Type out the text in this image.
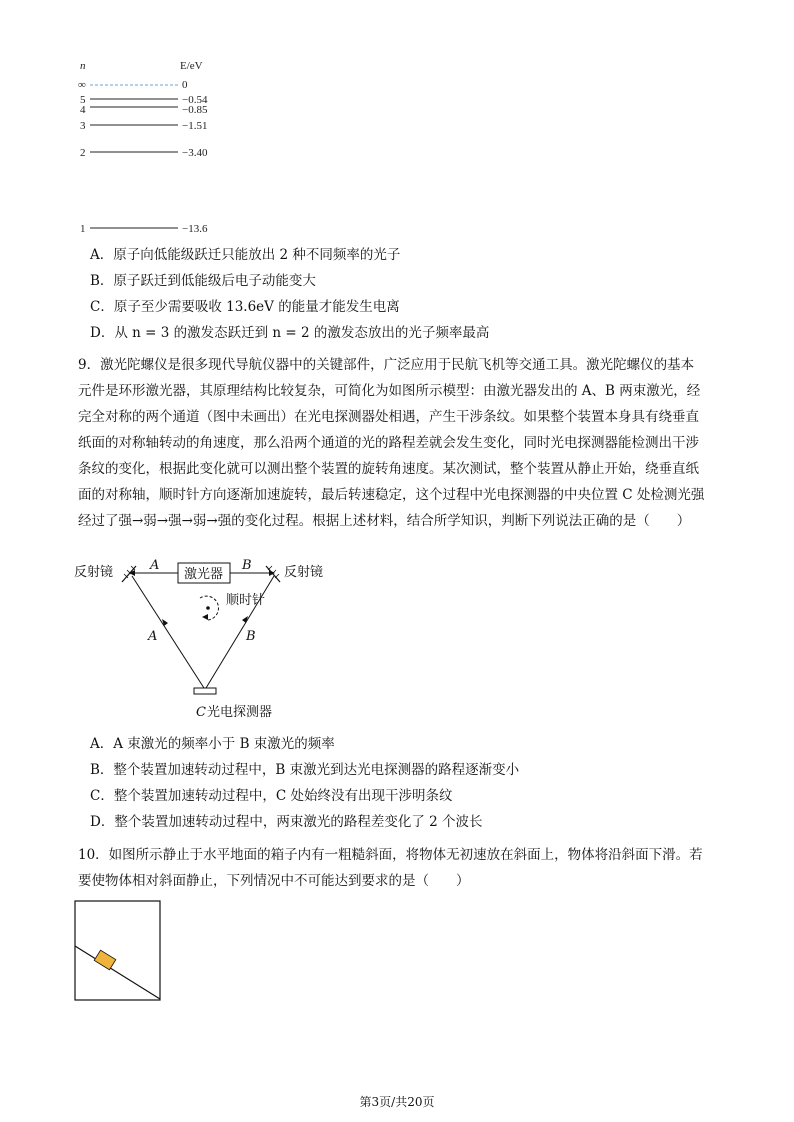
n	E/eV
∞	0
5	−0.54
4	−0.85
3	−1.51
2	−3.40
1	−13.6
A．原子向低能级跃迁只能放出 2 种不同频率的光子
B．原子跃迁到低能级后电子动能变大
C．原子至少需要吸收 13.6eV 的能量才能发生电离
D．从 n = 3 的激发态跃迁到 n = 2 的激发态放出的光子频率最高
9．激光陀螺仪是很多现代导航仪器中的关键部件，广泛应用于民航飞机等交通工具。激光陀螺仪的基本
元件是环形激光器，其原理结构比较复杂，可简化为如图所示模型：由激光器发出的 A、B 两束激光，经
完全对称的两个通道（图中未画出）在光电探测器处相遇，产生干涉条纹。如果整个装置本身具有绕垂直
纸面的对称轴转动的角速度，那么沿两个通道的光的路程差就会发生变化，同时光电探测器能检测出干涉
条纹的变化，根据此变化就可以测出整个装置的旋转角速度。某次测试，整个装置从静止开始，绕垂直纸
面的对称轴，顺时针方向逐渐加速旋转，最后转速稳定，这个过程中光电探测器的中央位置 C 处检测光强
经过了强→弱→强→弱→强的变化过程。根据上述材料，结合所学知识，判断下列说法正确的是（　　）
反射镜	反射镜
激光器
A	B
A	B
顺时针
C 光电探测器
A．A 束激光的频率小于 B 束激光的频率
B．整个装置加速转动过程中，B 束激光到达光电探测器的路程逐渐变小
C．整个装置加速转动过程中，C 处始终没有出现干涉明条纹
D．整个装置加速转动过程中，两束激光的路程差变化了 2 个波长
10．如图所示静止于水平地面的箱子内有一粗糙斜面，将物体无初速放在斜面上，物体将沿斜面下滑。若
要使物体相对斜面静止，下列情况中不可能达到要求的是（　　）
第3页/共20页
